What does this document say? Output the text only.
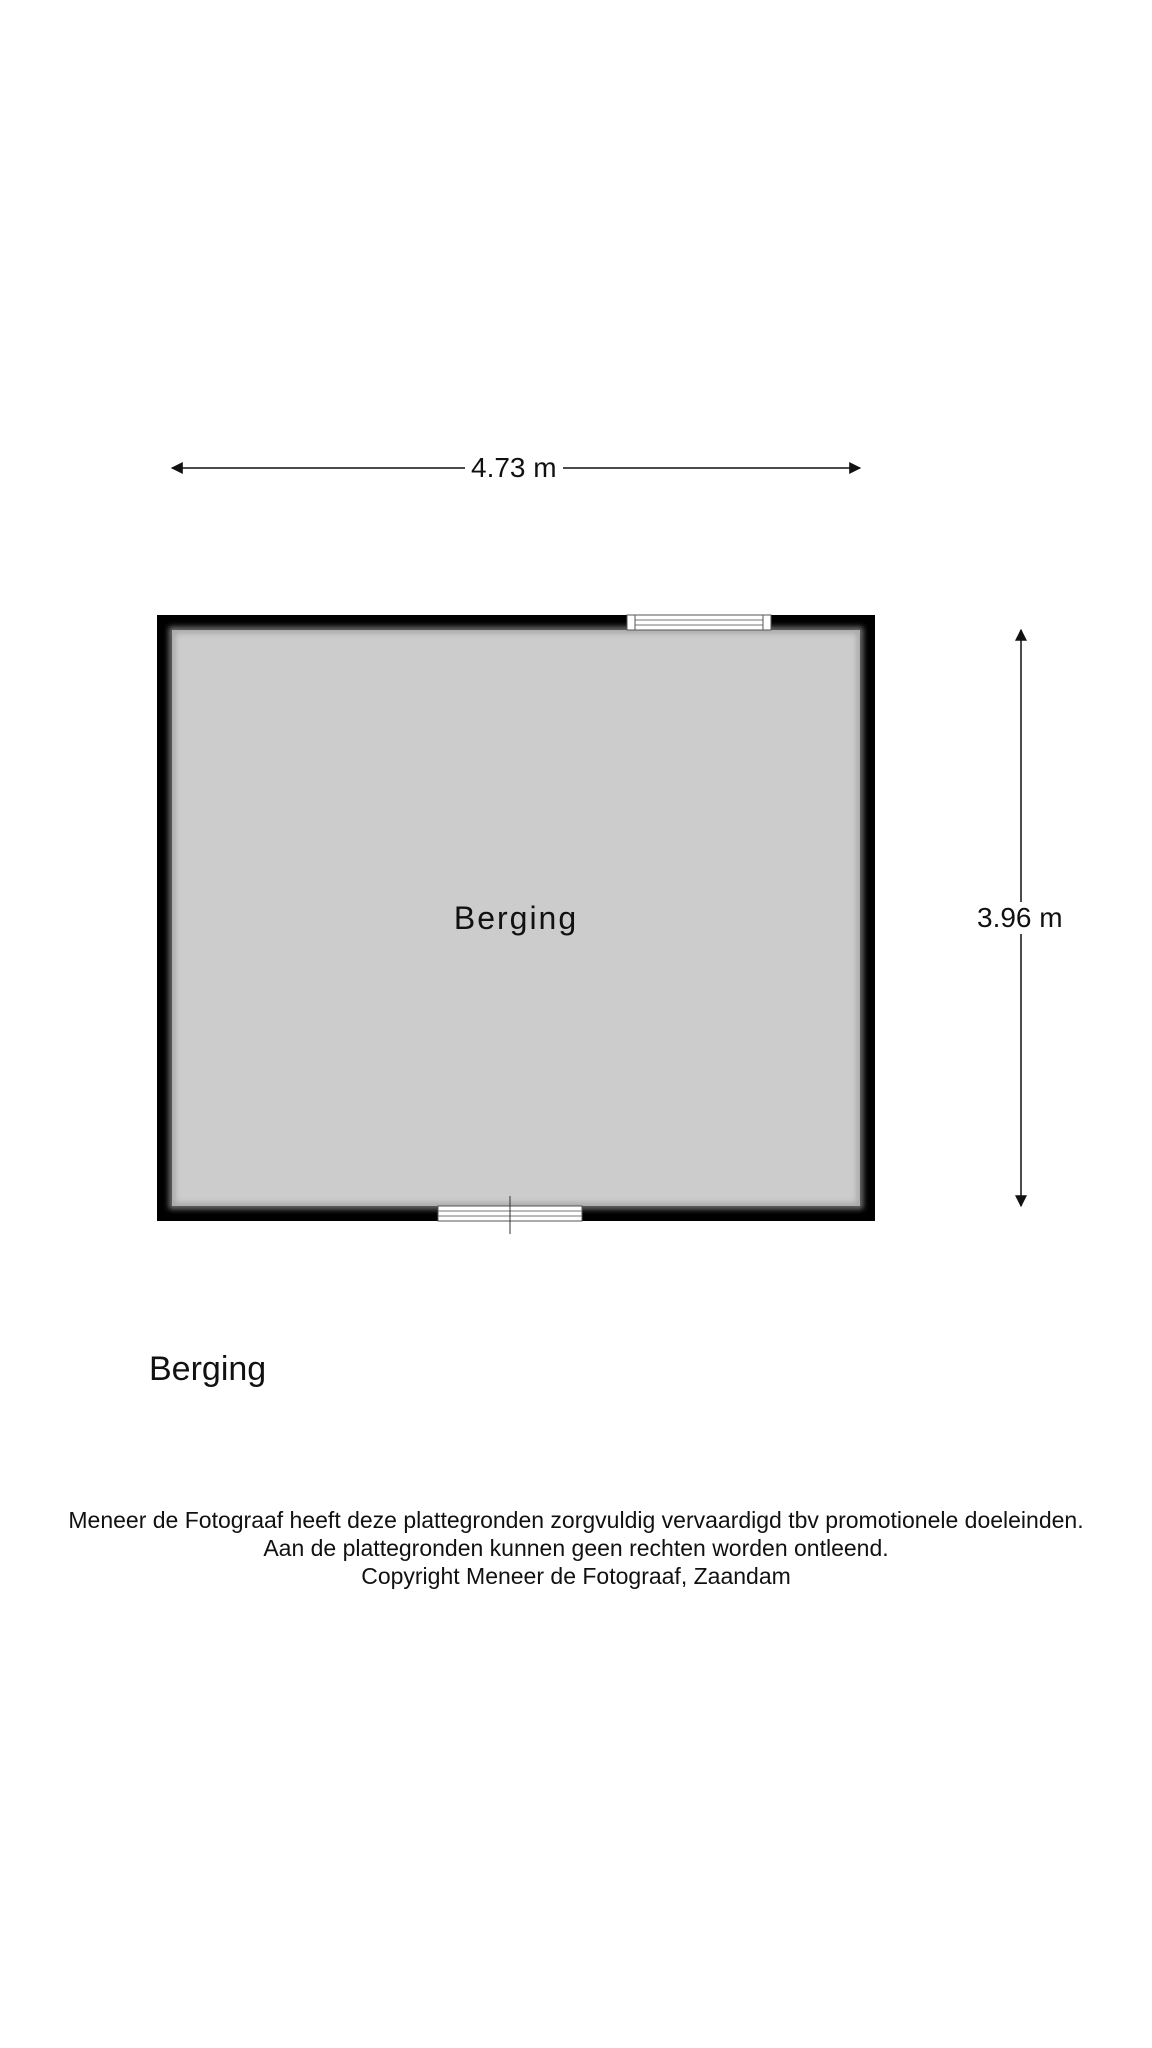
4.73 m
3.96 m
Berging
Berging
Meneer de Fotograaf heeft deze plattegronden zorgvuldig vervaardigd tbv promotionele doeleinden.
Aan de plattegronden kunnen geen rechten worden ontleend.
Copyright Meneer de Fotograaf, Zaandam
